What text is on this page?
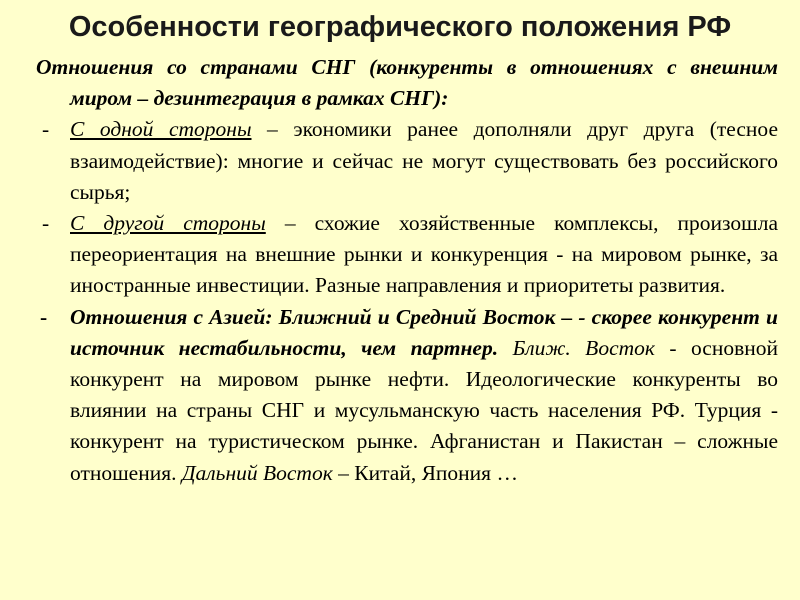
Особенности географического положения РФ

Отношения со странами СНГ (конкуренты в отношениях с внешним миром – дезинтеграция в рамках СНГ):

- С одной стороны – экономики ранее дополняли друг друга (тесное взаимодействие): многие и сейчас не могут существовать без российского сырья;
- С другой стороны – схожие хозяйственные комплексы, произошла переориентация на внешние рынки и конкуренция - на мировом рынке, за иностранные инвестиции. Разные направления и приоритеты развития.
-	Отношения с Азией: Ближний и Средний Восток – - скорее конкурент и источник нестабильности, чем партнер. Ближ. Восток - основной конкурент на мировом рынке нефти. Идеологические конкуренты во влиянии на страны СНГ и мусульманскую часть населения РФ. Турция - конкурент на туристическом рынке. Афганистан и Пакистан – сложные отношения. Дальний Восток – Китай, Япония …
